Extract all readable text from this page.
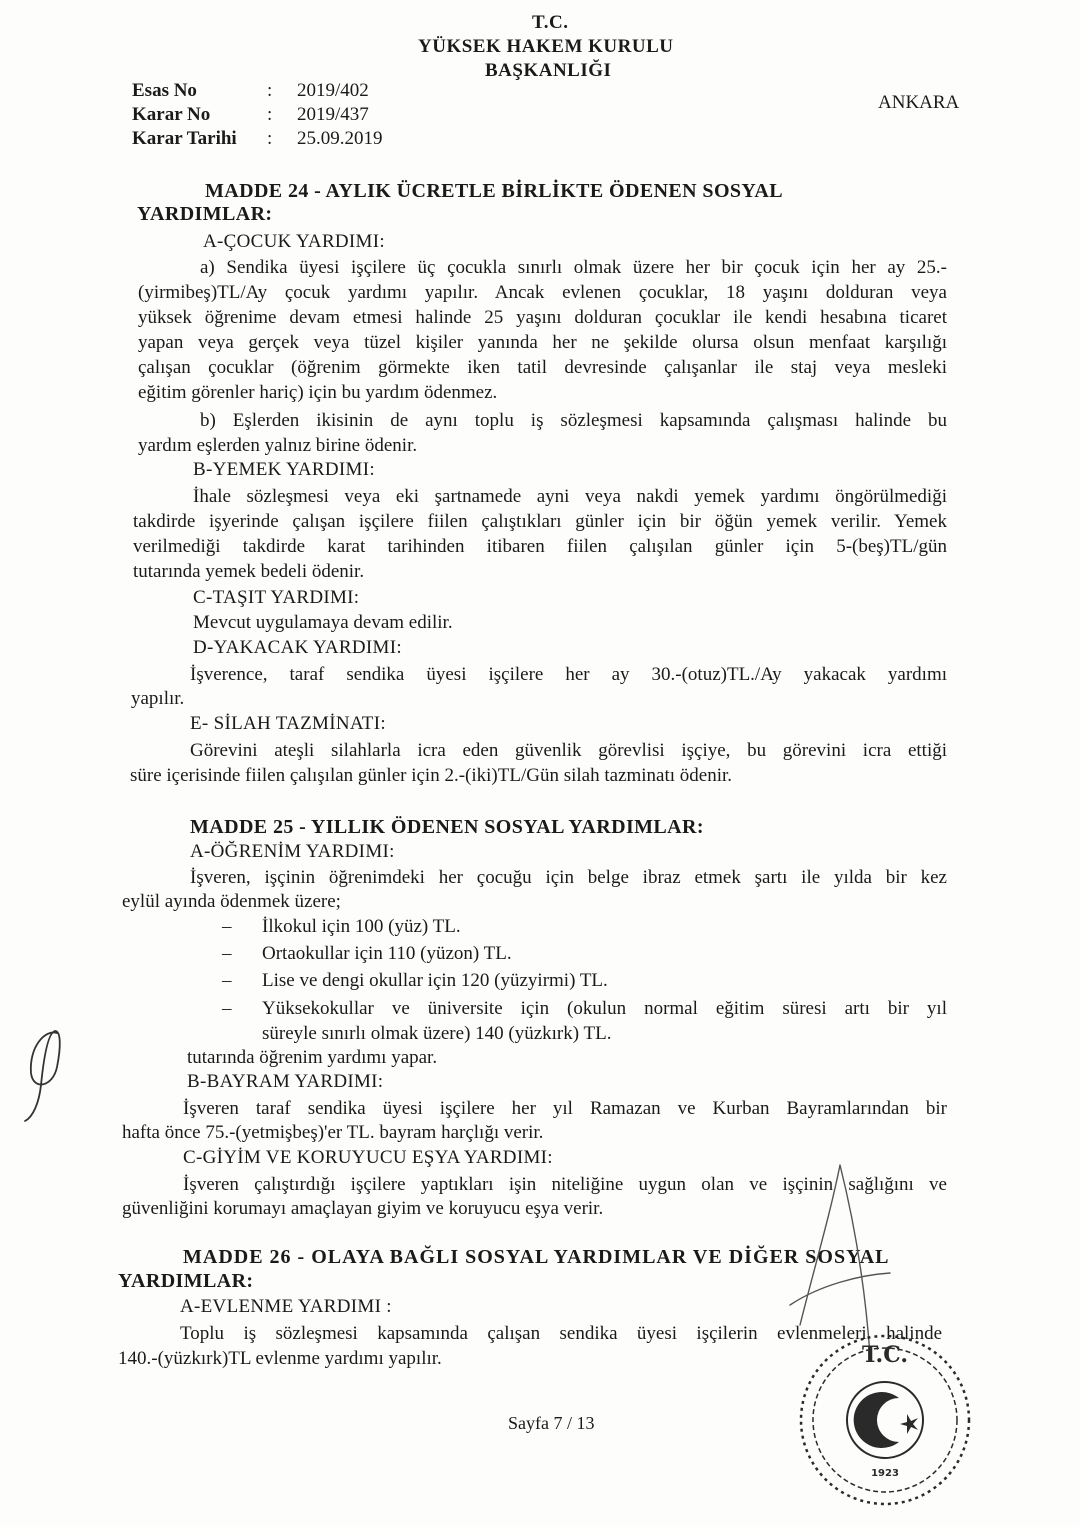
T.C.
YÜKSEK HAKEM KURULU
BAŞKANLIĞI
ANKARA
Esas No	: 2019/402
Karar No	: 2019/437
Karar Tarihi : 25.09.2019
MADDE 24 - AYLIK ÜCRETLE BİRLİKTE ÖDENEN SOSYAL
YARDIMLAR:
A-ÇOCUK YARDIMI:
a) Sendika üyesi işçilere üç çocukla sınırlı olmak üzere her bir çocuk için her ay 25.-
(yirmibeş)TL/Ay çocuk yardımı yapılır. Ancak evlenen çocuklar, 18 yaşını dolduran veya
yüksek öğrenime devam etmesi halinde 25 yaşını dolduran çocuklar ile kendi hesabına ticaret
yapan veya gerçek veya tüzel kişiler yanında her ne şekilde olursa olsun menfaat karşılığı
çalışan çocuklar (öğrenim görmekte iken tatil devresinde çalışanlar ile staj veya mesleki
eğitim görenler hariç) için bu yardım ödenmez.
b) Eşlerden ikisinin de aynı toplu iş sözleşmesi kapsamında çalışması halinde bu
yardım eşlerden yalnız birine ödenir.
B-YEMEK YARDIMI:
İhale sözleşmesi veya eki şartnamede ayni veya nakdi yemek yardımı öngörülmediği
takdirde işyerinde çalışan işçilere fiilen çalıştıkları günler için bir öğün yemek verilir. Yemek
verilmediği takdirde karat tarihinden itibaren fiilen çalışılan günler için 5-(beş)TL/gün
tutarında yemek bedeli ödenir.
C-TAŞIT YARDIMI:
Mevcut uygulamaya devam edilir.
D-YAKACAK YARDIMI:
İşverence, taraf sendika üyesi işçilere her ay 30.-(otuz)TL./Ay yakacak yardımı
yapılır.
E- SİLAH TAZMİNATI:
Görevini ateşli silahlarla icra eden güvenlik görevlisi işçiye, bu görevini icra ettiği
süre içerisinde fiilen çalışılan günler için 2.-(iki)TL/Gün silah tazminatı ödenir.
MADDE 25 - YILLIK ÖDENEN SOSYAL YARDIMLAR:
A-ÖĞRENİM YARDIMI:
İşveren, işçinin öğrenimdeki her çocuğu için belge ibraz etmek şartı ile yılda bir kez
eylül ayında ödenmek üzere;
– İlkokul için 100 (yüz) TL.
– Ortaokullar için 110 (yüzon) TL.
– Lise ve dengi okullar için 120 (yüzyirmi) TL.
– Yüksekokullar ve üniversite için (okulun normal eğitim süresi artı bir yıl
süreyle sınırlı olmak üzere) 140 (yüzkırk) TL.
tutarında öğrenim yardımı yapar.
B-BAYRAM YARDIMI:
İşveren taraf sendika üyesi işçilere her yıl Ramazan ve Kurban Bayramlarından bir
hafta önce 75.-(yetmişbeş)'er TL. bayram harçlığı verir.
C-GİYİM VE KORUYUCU EŞYA YARDIMI:
İşveren çalıştırdığı işçilere yaptıkları işin niteliğine uygun olan ve işçinin sağlığını ve
güvenliğini korumayı amaçlayan giyim ve koruyucu eşya verir.
MADDE 26 - OLAYA BAĞLI SOSYAL YARDIMLAR VE DİĞER SOSYAL
YARDIMLAR:
A-EVLENME YARDIMI :
Toplu iş sözleşmesi kapsamında çalışan sendika üyesi işçilerin evlenmeleri halinde
140.-(yüzkırk)TL evlenme yardımı yapılır.
Sayfa 7 / 13
T.C.
1923
